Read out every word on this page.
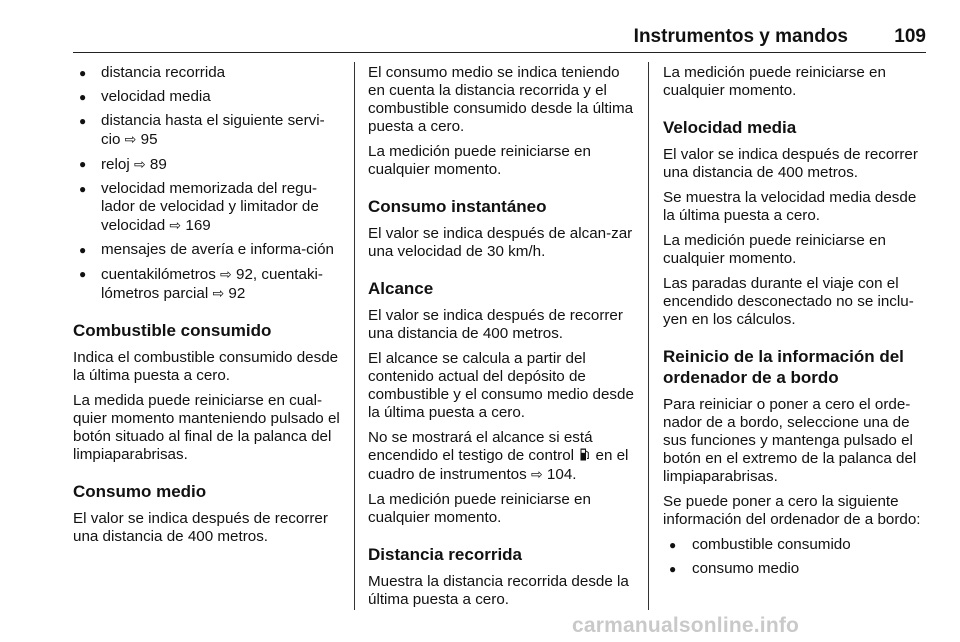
Instrumentos y mandos 109
● distancia recorrida
● velocidad media
● distancia hasta el siguiente servi-cio ⇨ 95
● reloj ⇨ 89
● velocidad memorizada del regu-lador de velocidad y limitador de velocidad ⇨ 169
● mensajes de avería e informa-ción
● cuentakilómetros ⇨ 92, cuentaki-lómetros parcial ⇨ 92
Combustible consumido

Indica el combustible consumido desde la última puesta a cero.

La medida puede reiniciarse en cual-quier momento manteniendo pulsado el botón situado al final de la palanca del limpiaparabrisas.

Consumo medio

El valor se indica después de recorrer una distancia de 400 metros.

El consumo medio se indica teniendo en cuenta la distancia recorrida y el combustible consumido desde la última puesta a cero.

La medición puede reiniciarse en cualquier momento.

Consumo instantáneo

El valor se indica después de alcan-zar una velocidad de 30 km/h.

Alcance

El valor se indica después de recorrer una distancia de 400 metros.

El alcance se calcula a partir del contenido actual del depósito de combustible y el consumo medio desde la última puesta a cero.

No se mostrará el alcance si está encendido el testigo de control en el cuadro de instrumentos ⇨ 104.

La medición puede reiniciarse en cualquier momento.

Distancia recorrida

Muestra la distancia recorrida desde la última puesta a cero.

La medición puede reiniciarse en cualquier momento.

Velocidad media

El valor se indica después de recorrer una distancia de 400 metros.

Se muestra la velocidad media desde la última puesta a cero.

La medición puede reiniciarse en cualquier momento.

Las paradas durante el viaje con el encendido desconectado no se inclu-yen en los cálculos.

Reinicio de la información del ordenador de a bordo

Para reiniciar o poner a cero el orde-nador de a bordo, seleccione una de sus funciones y mantenga pulsado el botón en el extremo de la palanca del limpiaparabrisas.

Se puede poner a cero la siguiente información del ordenador de a bordo:

● combustible consumido
● consumo medio
carmanualsonline.info
